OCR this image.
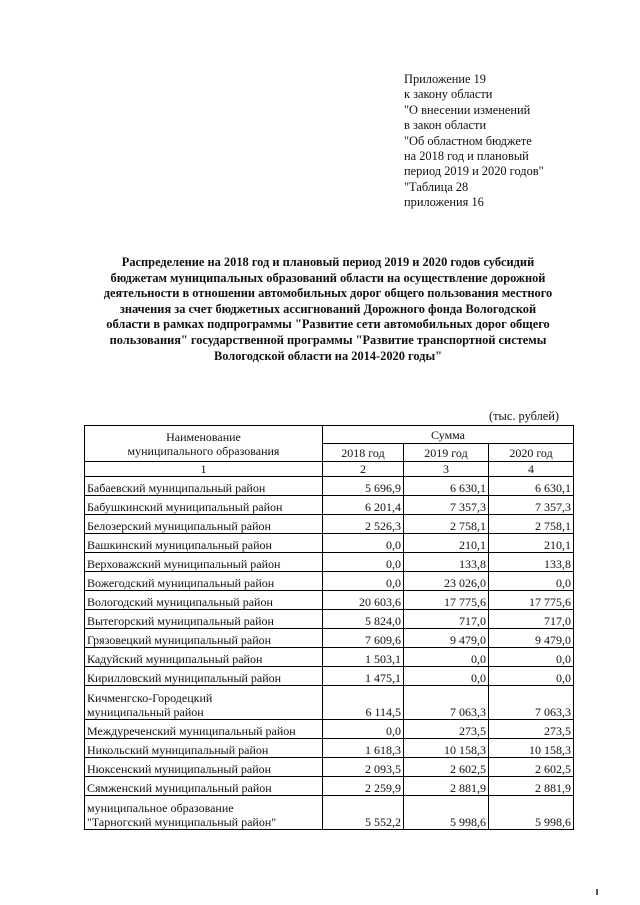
Приложение 19
к закону области
"О внесении изменений
в закон области
"Об областном бюджете
на 2018 год и плановый
период 2019 и 2020 годов"
"Таблица 28
приложения 16
Распределение на 2018 год и плановый период 2019 и 2020 годов субсидий
бюджетам муниципальных образований области на осуществление дорожной
деятельности в отношении автомобильных дорог общего пользования местного
значения за счет бюджетных ассигнований Дорожного фонда Вологодской
области в рамках подпрограммы "Развитие сети автомобильных дорог общего
пользования" государственной программы "Развитие транспортной системы
Вологодской области на 2014-2020 годы"
(тыс. рублей)
Наименование
муниципального образования	Сумма		
	2018 год	2019 год	2020 год
1	2	3	4

Бабаевский муниципальный район	5 696,9	6 630,1	6 630,1

Бабушкинский муниципальный район	6 201,4	7 357,3	7 357,3

Белозерский муниципальный район	2 526,3	2 758,1	2 758,1

Вашкинский муниципальный район	0,0	210,1	210,1

Верховажский муниципальный район	0,0	133,8	133,8

Вожегодский муниципальный район	0,0	23 026,0	0,0

Вологодский муниципальный район	20 603,6	17 775,6	17 775,6

Вытегорский муниципальный район	5 824,0	717,0	717,0

Грязовецкий муниципальный район	7 609,6	9 479,0	9 479,0

Кадуйский муниципальный район	1 503,1	0,0	0,0

Кирилловский муниципальный район	1 475,1	0,0	0,0

Кичменгско-Городецкий
муниципальный район	6 114,5	7 063,3	7 063,3

Междуреченский муниципальный район	0,0	273,5	273,5

Никольский муниципальный район	1 618,3	10 158,3	10 158,3

Нюксенский муниципальный район	2 093,5	2 602,5	2 602,5

Сямженский муниципальный район	2 259,9	2 881,9	2 881,9

муниципальное образование
"Тарногский муниципальный район"	5 552,2	5 998,6	5 998,6
